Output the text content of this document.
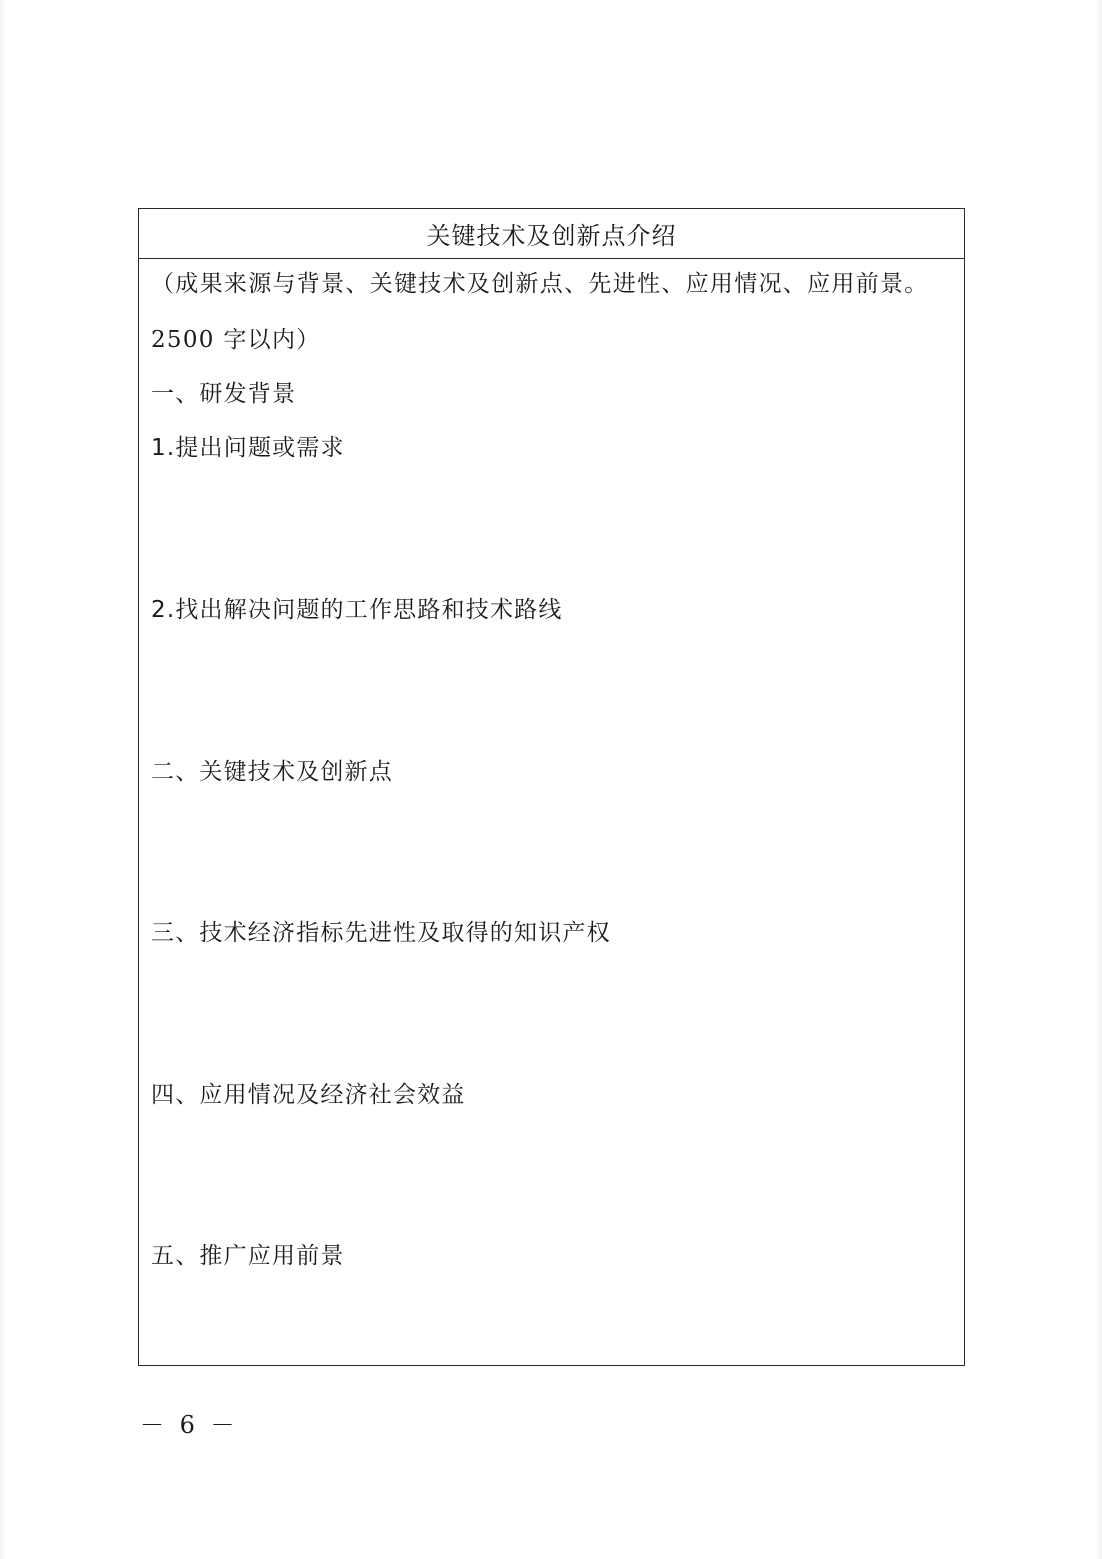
关键技术及创新点介绍
（成果来源与背景、关键技术及创新点、先进性、应用情况、应用前景。
2500 字以内）
一、研发背景
1.提出问题或需求
2.找出解决问题的工作思路和技术路线
二、关键技术及创新点
三、技术经济指标先进性及取得的知识产权
四、应用情况及经济社会效益
五、推广应用前景
－ 6 －
